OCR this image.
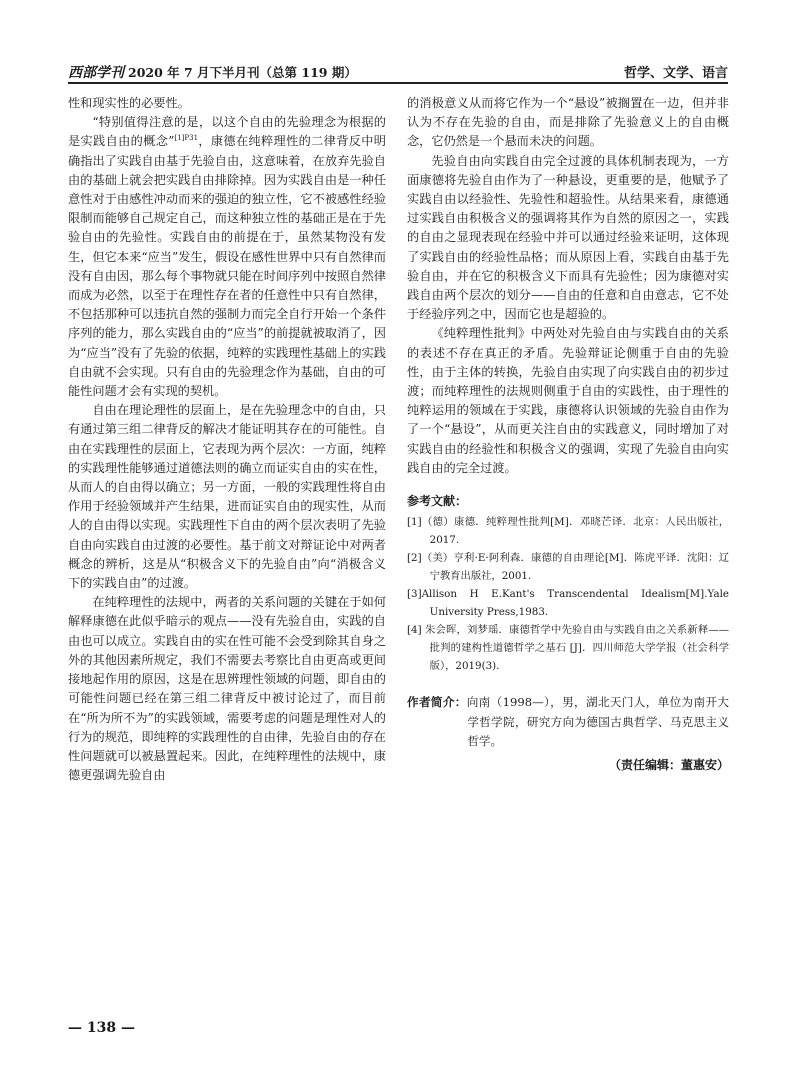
西部学刊 2020 年 7 月下半月刊（总第 119 期）	哲学、文学、语言

性和现实性的必要性。

“特别值得注意的是，以这个自由的先验理念为根据的是实践自由的概念”$^{[1]P31}$，康德在纯粹理性的二律背反中明确指出了实践自由基于先验自由，这意味着，在放弃先验自由的基础上就会把实践自由排除掉。因为实践自由是一种任意性对于由感性冲动而来的强迫的独立性，它不被感性经验限制而能够自己规定自己，而这种独立性的基础正是在于先验自由的先验性。实践自由的前提在于，虽然某物没有发生，但它本来“应当”发生，假设在感性世界中只有自然律而没有自由因，那么每个事物就只能在时间序列中按照自然律而成为必然，以至于在理性存在者的任意性中只有自然律，不包括那种可以违抗自然的强制力而完全自行开始一个条件序列的能力，那么实践自由的“应当”的前提就被取消了，因为“应当”没有了先验的依据，纯粹的实践理性基础上的实践自由就不会实现。只有自由的先验理念作为基础，自由的可能性问题才会有实现的契机。

自由在理论理性的层面上，是在先验理念中的自由，只有通过第三组二律背反的解决才能证明其存在的可能性。自由在实践理性的层面上，它表现为两个层次：一方面，纯粹的实践理性能够通过道德法则的确立而证实自由的实在性，从而人的自由得以确立；另一方面，一般的实践理性将自由作用于经验领域并产生结果，进而证实自由的现实性，从而人的自由得以实现。实践理性下自由的两个层次表明了先验自由向实践自由过渡的必要性。基于前文对辩证论中对两者概念的辨析，这是从“积极含义下的先验自由”向“消极含义下的实践自由”的过渡。

在纯粹理性的法规中，两者的关系问题的关键在于如何解释康德在此似乎暗示的观点——没有先验自由，实践的自由也可以成立。实践自由的实在性可能不会受到除其自身之外的其他因素所规定，我们不需要去考察比自由更高或更间接地起作用的原因，这是在思辨理性领域的问题，即自由的可能性问题已经在第三组二律背反中被讨论过了，而目前在“所为所不为”的实践领域，需要考虑的问题是理性对人的行为的规范，即纯粹的实践理性的自由律，先验自由的存在性问题就可以被悬置起来。因此，在纯粹理性的法规中，康德更强调先验自由

的消极意义从而将它作为一个“悬设”被搁置在一边，但并非认为不存在先验的自由，而是排除了先验意义上的自由概念，它仍然是一个悬而未决的问题。

先验自由向实践自由完全过渡的具体机制表现为，一方面康德将先验自由作为了一种悬设，更重要的是，他赋予了实践自由以经验性、先验性和超验性。从结果来看，康德通过实践自由积极含义的强调将其作为自然的原因之一，实践的自由之显现表现在经验中并可以通过经验来证明，这体现了实践自由的经验性品格；而从原因上看，实践自由基于先验自由，并在它的积极含义下而具有先验性；因为康德对实践自由两个层次的划分——自由的任意和自由意志，它不处于经验序列之中，因而它也是超验的。

《纯粹理性批判》中两处对先验自由与实践自由的关系的表述不存在真正的矛盾。先验辩证论侧重于自由的先验性，由于主体的转换，先验自由实现了向实践自由的初步过渡；而纯粹理性的法规则侧重于自由的实践性，由于理性的纯粹运用的领域在于实践，康德将认识领域的先验自由作为了一个“悬设”，从而更关注自由的实践意义，同时增加了对实践自由的经验性和积极含义的强调，实现了先验自由向实践自由的完全过渡。

参考文献：
[1]（德）康德．纯粹理性批判[M]．邓晓芒译．北京：人民出版社，2017.
[2]（美）亨利·E·阿利森．康德的自由理论[M]．陈虎平译．沈阳：辽宁教育出版社，2001.
[3]Allison H E.Kant's Transcendental Idealism[M].Yale University Press,1983.
[4] 朱会晖，刘梦瑶．康德哲学中先验自由与实践自由之关系新释——批判的建构性道德哲学之基石 [J]．四川师范大学学报（社会科学版），2019(3).
作者简介：向南（1998—），男，湖北天门人，单位为南开大学哲学院，研究方向为德国古典哲学、马克思主义哲学。
（责任编辑：董惠安）
— 138 —
